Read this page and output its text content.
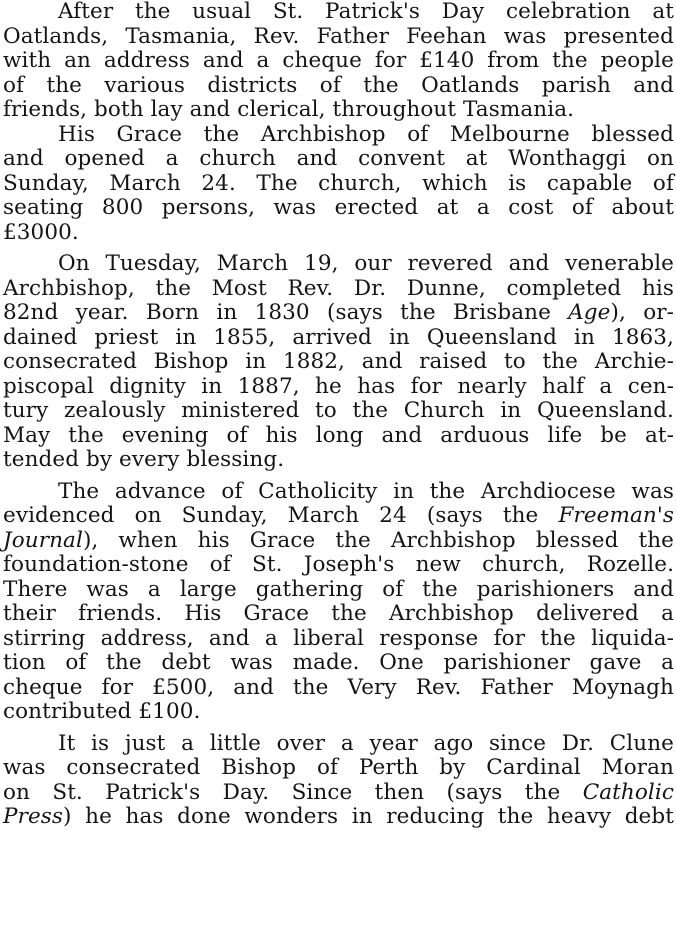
After the usual St. Patrick's Day celebration at
Oatlands, Tasmania, Rev. Father Feehan was presented
with an address and a cheque for £140 from the people
of the various districts of the Oatlands parish and
friends, both lay and clerical, throughout Tasmania.
His Grace the Archbishop of Melbourne blessed
and opened a church and convent at Wonthaggi on
Sunday, March 24. The church, which is capable of
seating 800 persons, was erected at a cost of about
£3000.
On Tuesday, March 19, our revered and venerable
Archbishop, the Most Rev. Dr. Dunne, completed his
82nd year. Born in 1830 (says the Brisbane Age), or-
dained priest in 1855, arrived in Queensland in 1863,
consecrated Bishop in 1882, and raised to the Archie-
piscopal dignity in 1887, he has for nearly half a cen-
tury zealously ministered to the Church in Queensland.
May the evening of his long and arduous life be at-
tended by every blessing.
The advance of Catholicity in the Archdiocese was
evidenced on Sunday, March 24 (says the Freeman's
Journal), when his Grace the Archbishop blessed the
foundation-stone of St. Joseph's new church, Rozelle.
There was a large gathering of the parishioners and
their friends. His Grace the Archbishop delivered a
stirring address, and a liberal response for the liquida-
tion of the debt was made. One parishioner gave a
cheque for £500, and the Very Rev. Father Moynagh
contributed £100.
It is just a little over a year ago since Dr. Clune
was consecrated Bishop of Perth by Cardinal Moran
on St. Patrick's Day. Since then (says the Catholic
Press) he has done wonders in reducing the heavy debt
